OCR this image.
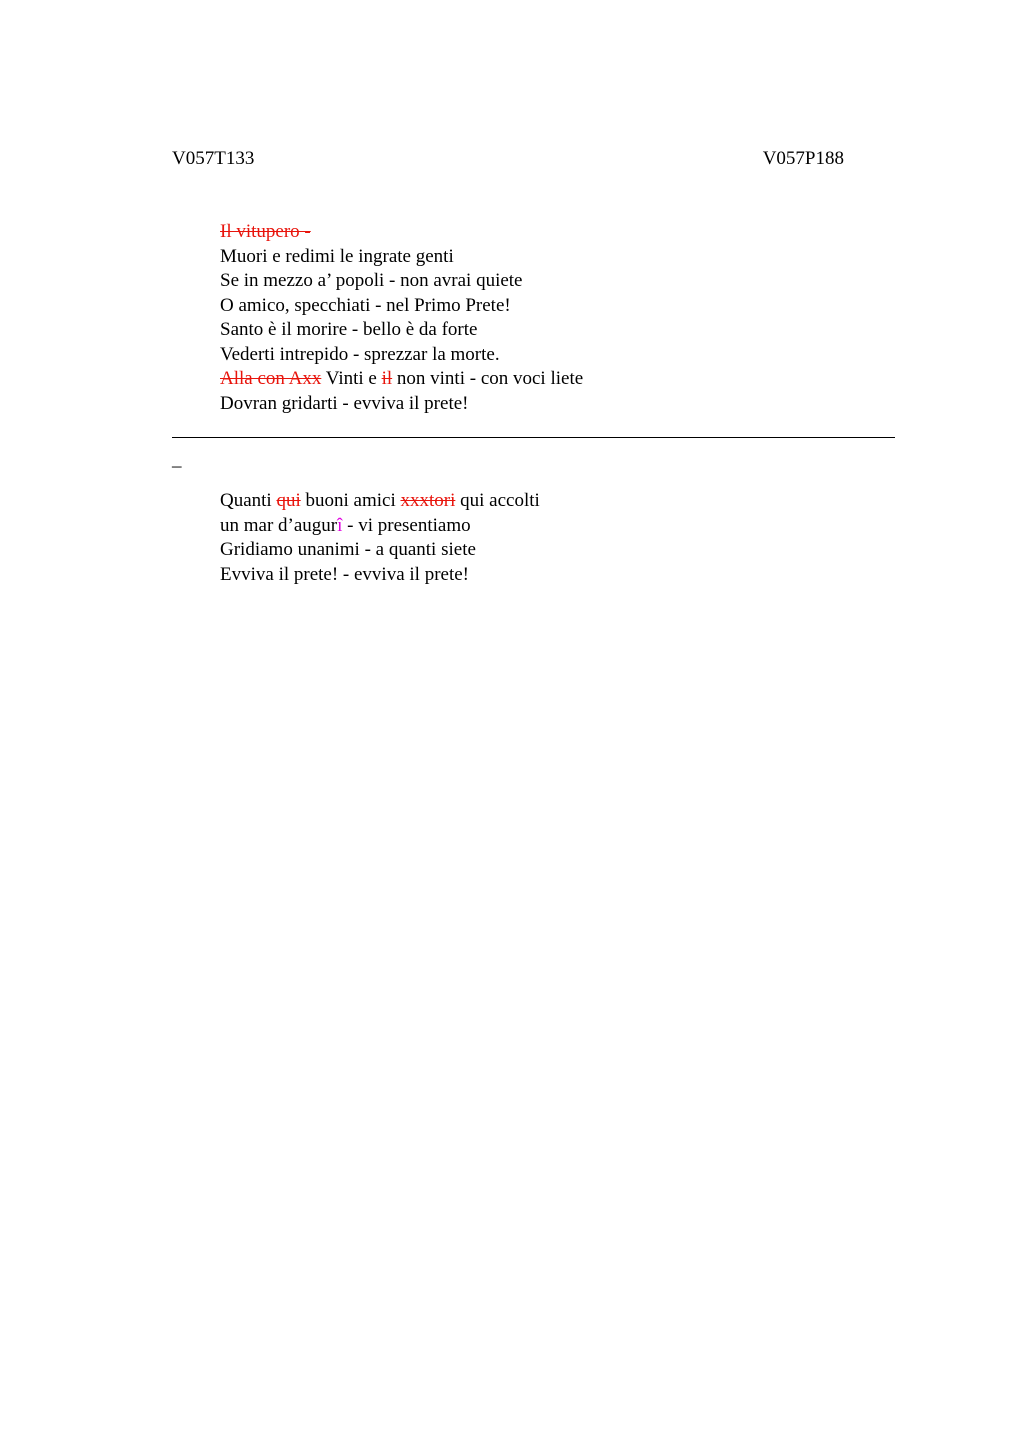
V057T133	V057P188
Il vitupero -
Muori e redimi le ingrate genti
Se in mezzo a’ popoli - non avrai quiete
O amico, specchiati - nel Primo Prete!
Santo è il morire - bello è da forte
Vederti intrepido - sprezzar la morte.
Alla con Axx Vinti e il non vinti - con voci liete
Dovran gridarti - evviva il prete!
_
Quanti qui buoni amici xxxtori qui accolti
un mar d’augurî - vi presentiamo
Gridiamo unanimi - a quanti siete
Evviva il prete! - evviva il prete!
